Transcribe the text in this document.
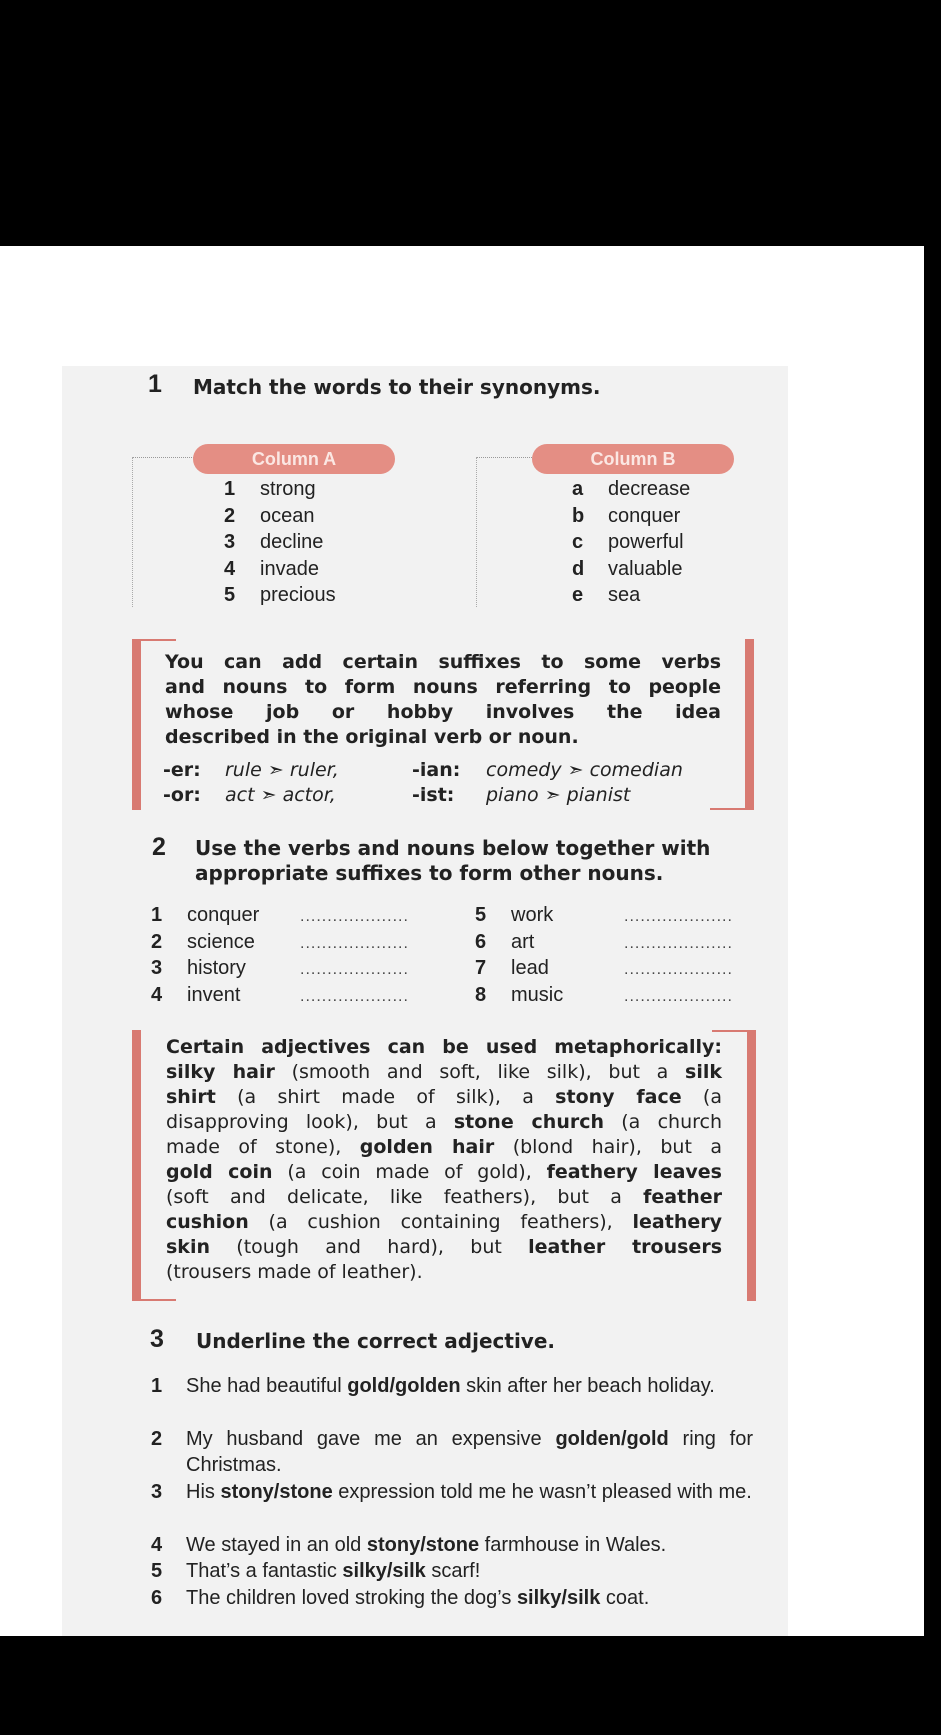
1 Match the words to their synonyms.
Column A	Column B
1 strong
2 ocean
3 decline
4 invade
5 precious
a decrease
b conquer
c powerful
d valuable
e sea
You can add certain suffixes to some verbs
and nouns to form nouns referring to people
whose job or hobby involves the idea
described in the original verb or noun.
-er: rule ➣ ruler,
-or: act ➣ actor,
-ian: comedy ➣ comedian
-ist: piano ➣ pianist
2 Use the verbs and nouns below together with
appropriate suffixes to form other nouns.
1 conquer	....................
2 science	....................
3 history	....................
4 invent	....................
5 work	....................
6 art	....................
7 lead	....................
8 music	....................
Certain adjectives can be used metaphorically:
silky hair (smooth and soft, like silk), but a silk
shirt (a shirt made of silk), a stony face (a
disapproving look), but a stone church (a church
made of stone), golden hair (blond hair), but a
gold coin (a coin made of gold), feathery leaves
(soft and delicate, like feathers), but a feather
cushion (a cushion containing feathers), leathery
skin (tough and hard), but leather trousers
(trousers made of leather).
3 Underline the correct adjective.
1 She had beautiful gold/golden skin after her beach holiday.
2 My husband gave me an expensive golden/gold ring for Christmas.
3 His stony/stone expression told me he wasn’t pleased with me.
4 We stayed in an old stony/stone farmhouse in Wales.
5 That’s a fantastic silky/silk scarf!
6 The children loved stroking the dog’s silky/silk coat.
